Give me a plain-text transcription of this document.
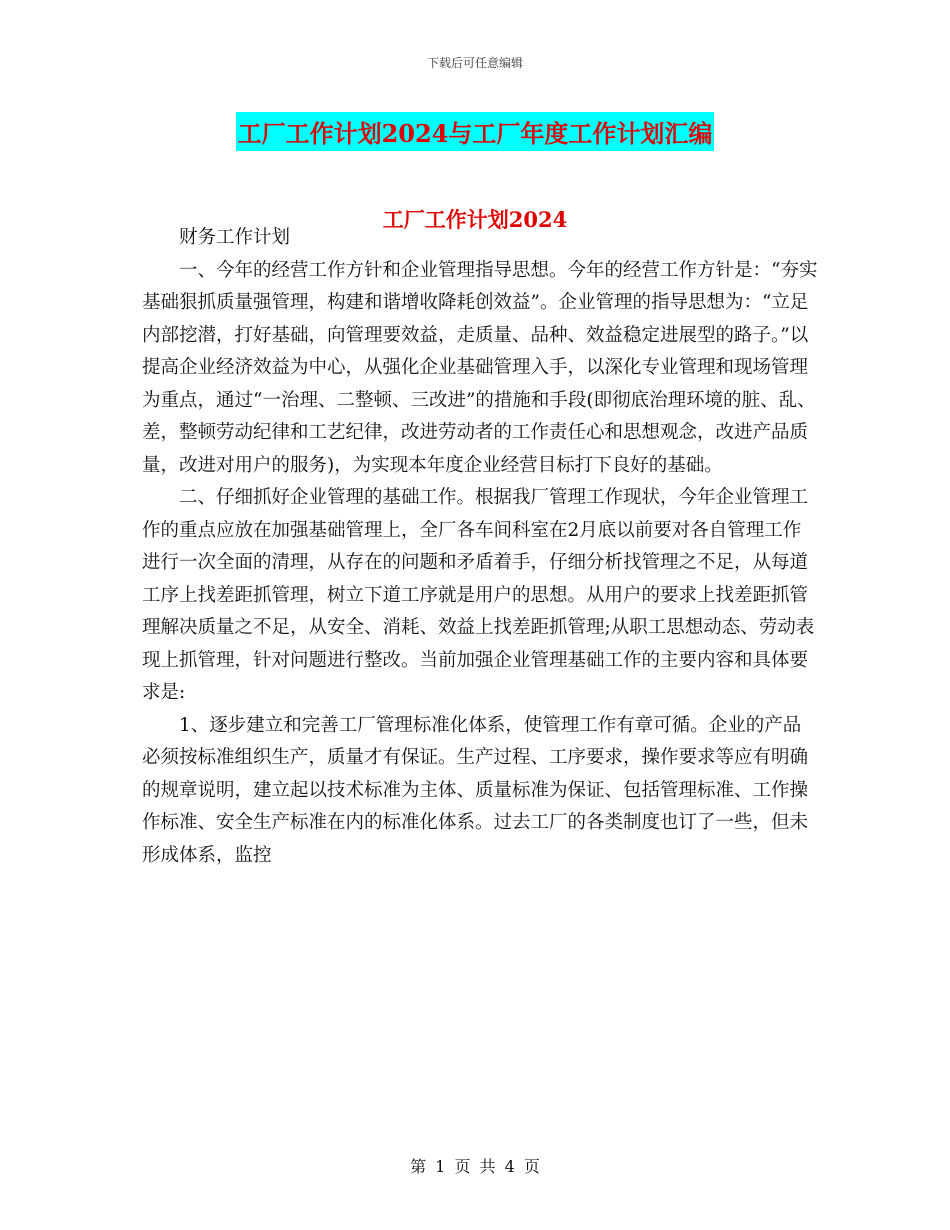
下载后可任意编辑
工厂工作计划2024与工厂年度工作计划汇编
工厂工作计划2024

财务工作计划

一、今年的经营工作方针和企业管理指导思想。今年的经营工作方针是：“夯实基础狠抓质量强管理，构建和谐增收降耗创效益”。企业管理的指导思想为：“立足内部挖潜，打好基础，向管理要效益，走质量、品种、效益稳定进展型的路子。”以提高企业经济效益为中心，从强化企业基础管理入手，以深化专业管理和现场管理为重点，通过“一治理、二整顿、三改进”的措施和手段(即彻底治理环境的脏、乱、差，整顿劳动纪律和工艺纪律，改进劳动者的工作责任心和思想观念，改进产品质量，改进对用户的服务)，为实现本年度企业经营目标打下良好的基础。

二、仔细抓好企业管理的基础工作。根据我厂管理工作现状，今年企业管理工作的重点应放在加强基础管理上，全厂各车间科室在2月底以前要对各自管理工作进行一次全面的清理，从存在的问题和矛盾着手，仔细分析找管理之不足，从每道工序上找差距抓管理，树立下道工序就是用户的思想。从用户的要求上找差距抓管理解决质量之不足，从安全、消耗、效益上找差距抓管理;从职工思想动态、劳动表现上抓管理，针对问题进行整改。当前加强企业管理基础工作的主要内容和具体要求是:

1、逐步建立和完善工厂管理标准化体系，使管理工作有章可循。企业的产品必须按标准组织生产，质量才有保证。生产过程、工序要求，操作要求等应有明确的规章说明，建立起以技术标准为主体、质量标准为保证、包括管理标准、工作操作标准、安全生产标准在内的标准化体系。过去工厂的各类制度也订了一些，但未形成体系，监控

第 1 页 共 4 页
